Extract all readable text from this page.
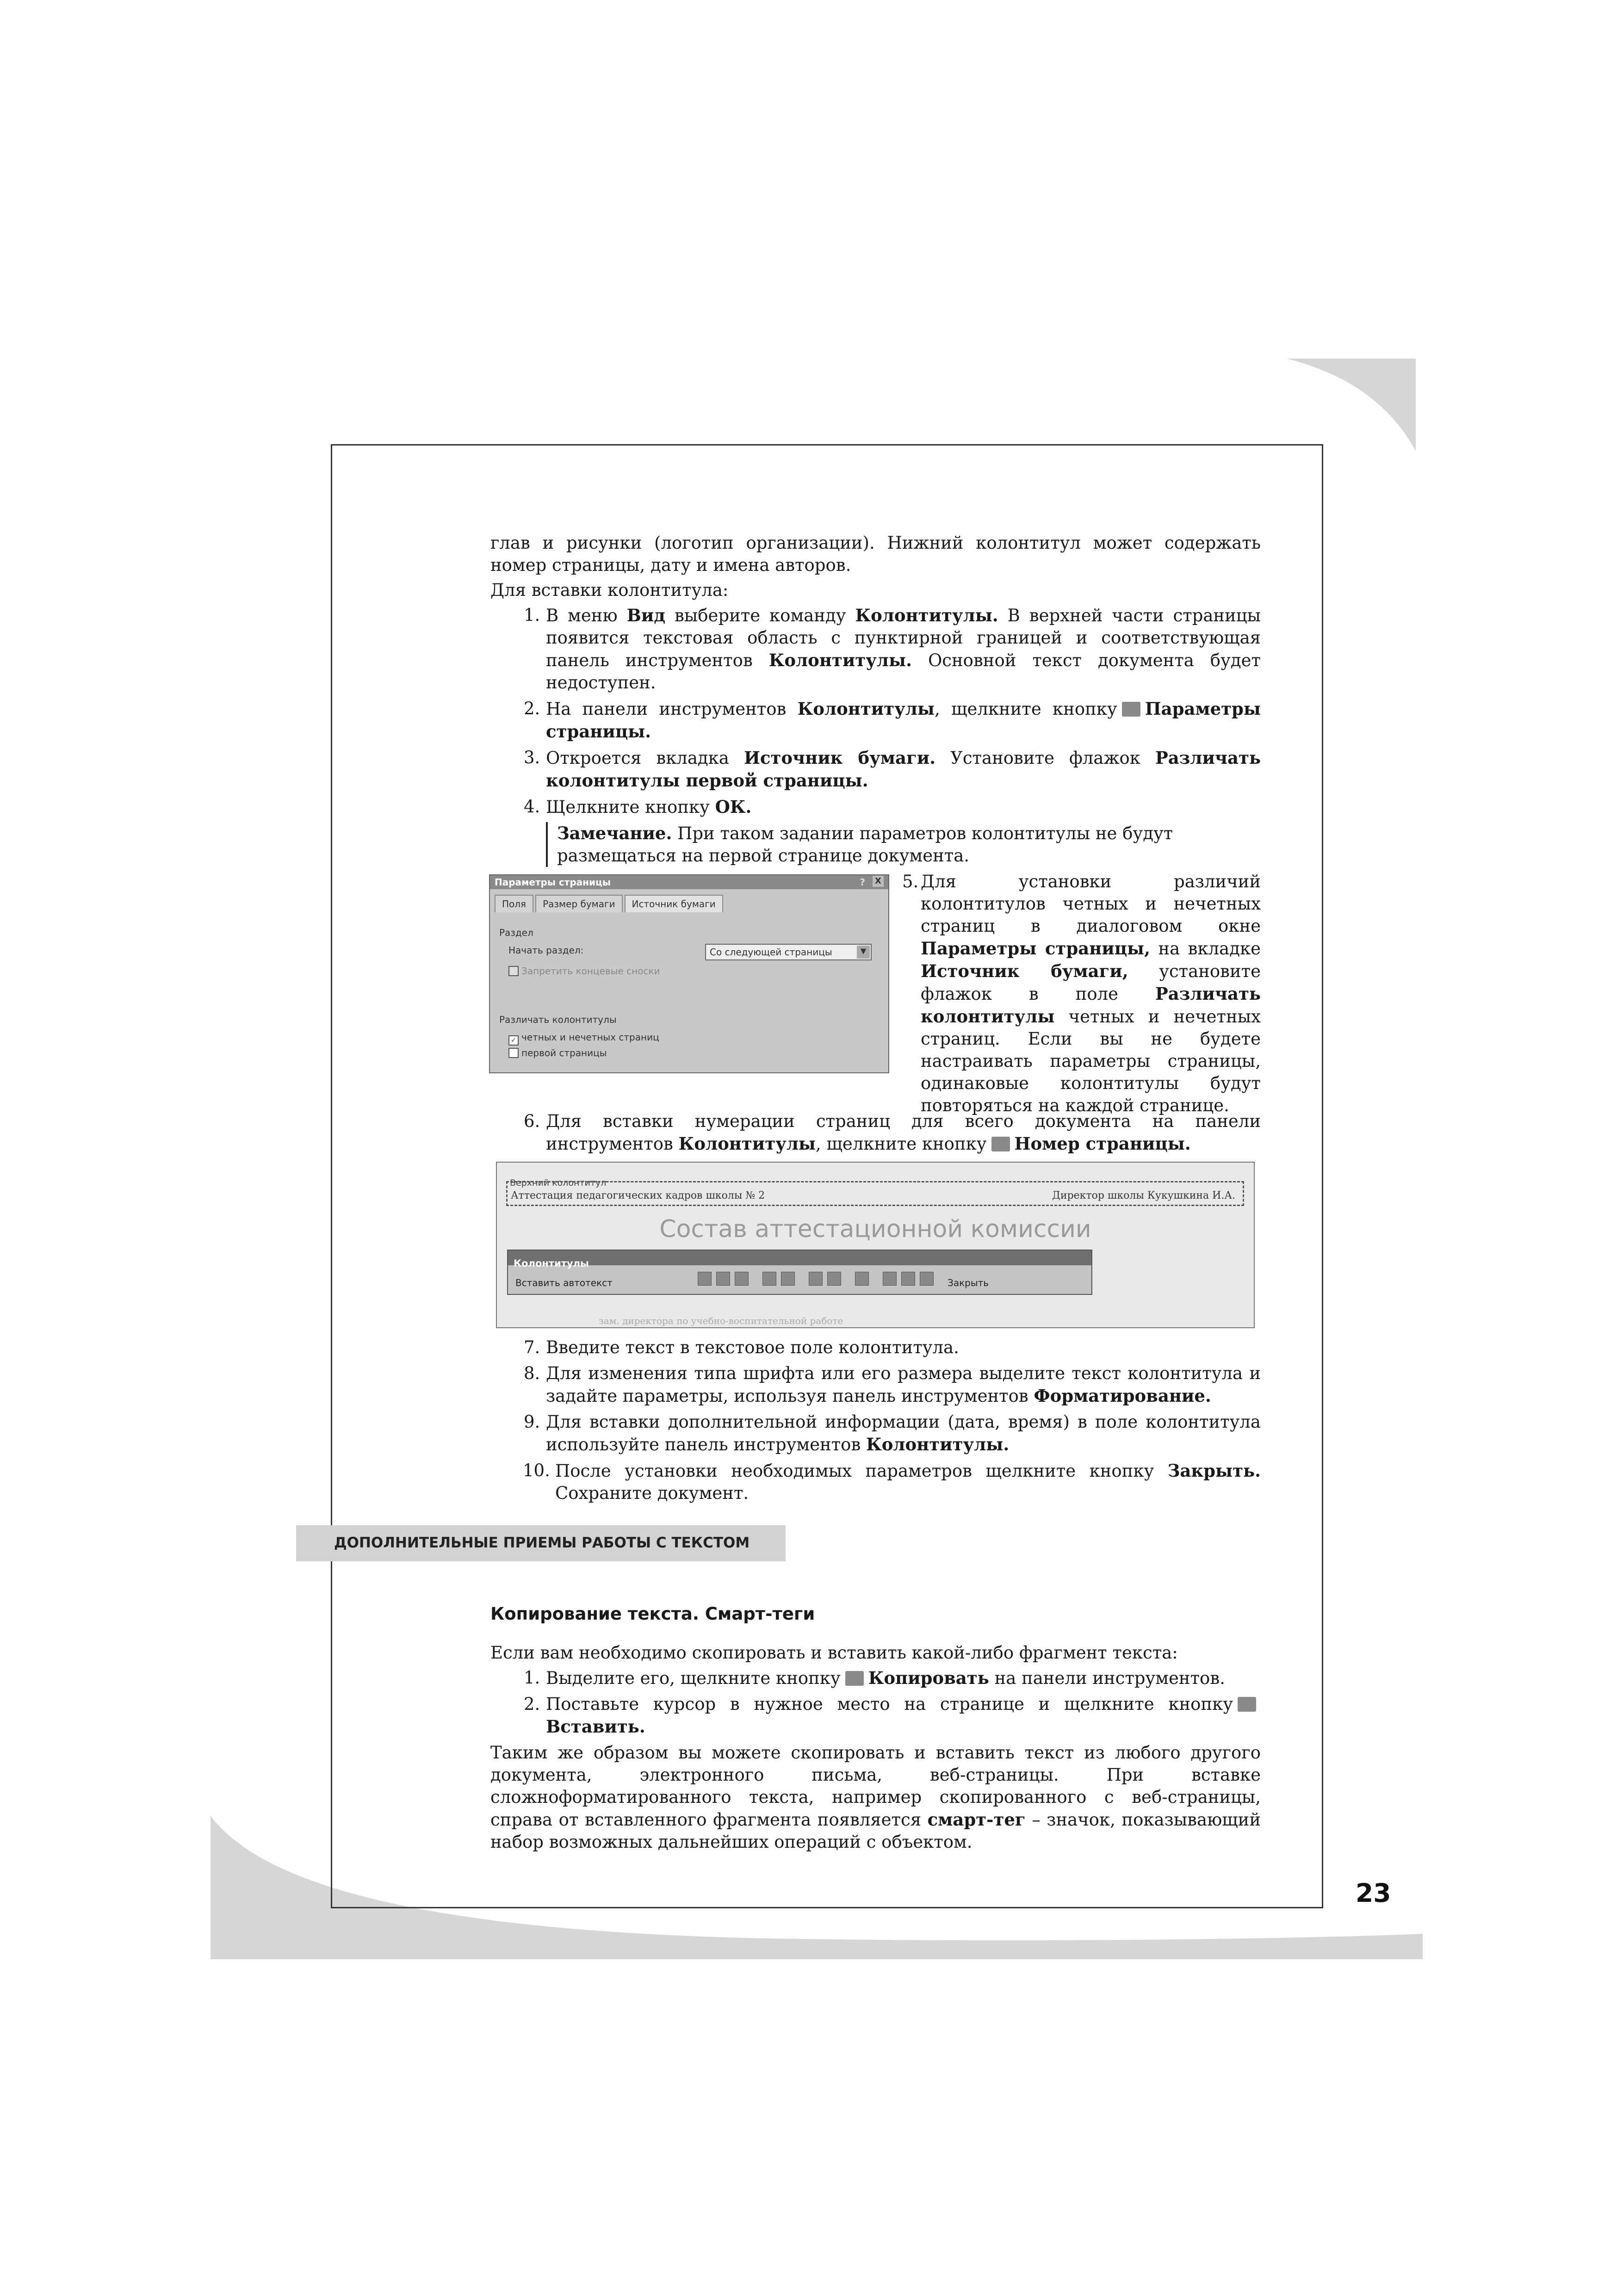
глав и рисунки (логотип организации). Нижний колонтитул может содержать номер страницы, дату и имена авторов.

Для вставки колонтитула:

1. В меню Вид выберите команду Колонтитулы. В верхней части страницы появится текстовая область с пунктирной границей и соответствующая панель инструментов Колонтитулы. Основной текст документа будет недоступен.
2. На панели инструментов Колонтитулы, щелкните кнопку Параметры страницы.
3. Откроется вкладка Источник бумаги. Установите флажок Различать колонтитулы первой страницы.
4. Щелкните кнопку ОК.
Замечание. При таком задании параметров колонтитулы не будут размещаться на первой странице документа.
Параметры страницы	? X
Поля Размер бумаги Источник бумаги
Раздел
Начать раздел:	Со следующей страницы	▼
Запретить концевые сноски
Различать колонтитулы
✓ четных и нечетных страниц
первой страницы
5. Для установки различий колонтитулов четных и нечетных страниц в диалоговом окне Параметры страницы, на вкладке Источник бумаги, установите флажок в поле Различать колонтитулы четных и нечетных страниц. Если вы не будете настраивать параметры страницы, одинаковые колонтитулы будут повторяться на каждой странице.
6. Для вставки нумерации страниц для всего документа на панели инструментов Колонтитулы, щелкните кнопку Номер страницы.
Верхний колонтитул
Аттестация педагогических кадров школы № 2	Директор школы Кукушкина И.А.
Состав аттестационной комиссии
Колонтитулы
Вставить автотекст	Закрыть
зам. директора по учебно-воспитательной работе
7. Введите текст в текстовое поле колонтитула.
8. Для изменения типа шрифта или его размера выделите текст колонтитула и задайте параметры, используя панель инструментов Форматирование.
9. Для вставки дополнительной информации (дата, время) в поле колонтитула используйте панель инструментов Колонтитулы.
10. После установки необходимых параметров щелкните кнопку Закрыть. Сохраните документ.
ДОПОЛНИТЕЛЬНЫЕ ПРИЕМЫ РАБОТЫ С ТЕКСТОМ
Копирование текста. Смарт-теги

Если вам необходимо скопировать и вставить какой-либо фрагмент текста:

1. Выделите его, щелкните кнопку Копировать на панели инструментов.
2. Поставьте курсор в нужное место на странице и щелкните кнопкуВставить.

Таким же образом вы можете скопировать и вставить текст из любого другого документа, электронного письма, веб-страницы. При вставке сложноформатированного текста, например скопированного с веб-страницы, справа от вставленного фрагмента появляется смарт-тег – значок, показывающий набор возможных дальнейших операций с объектом.

23
